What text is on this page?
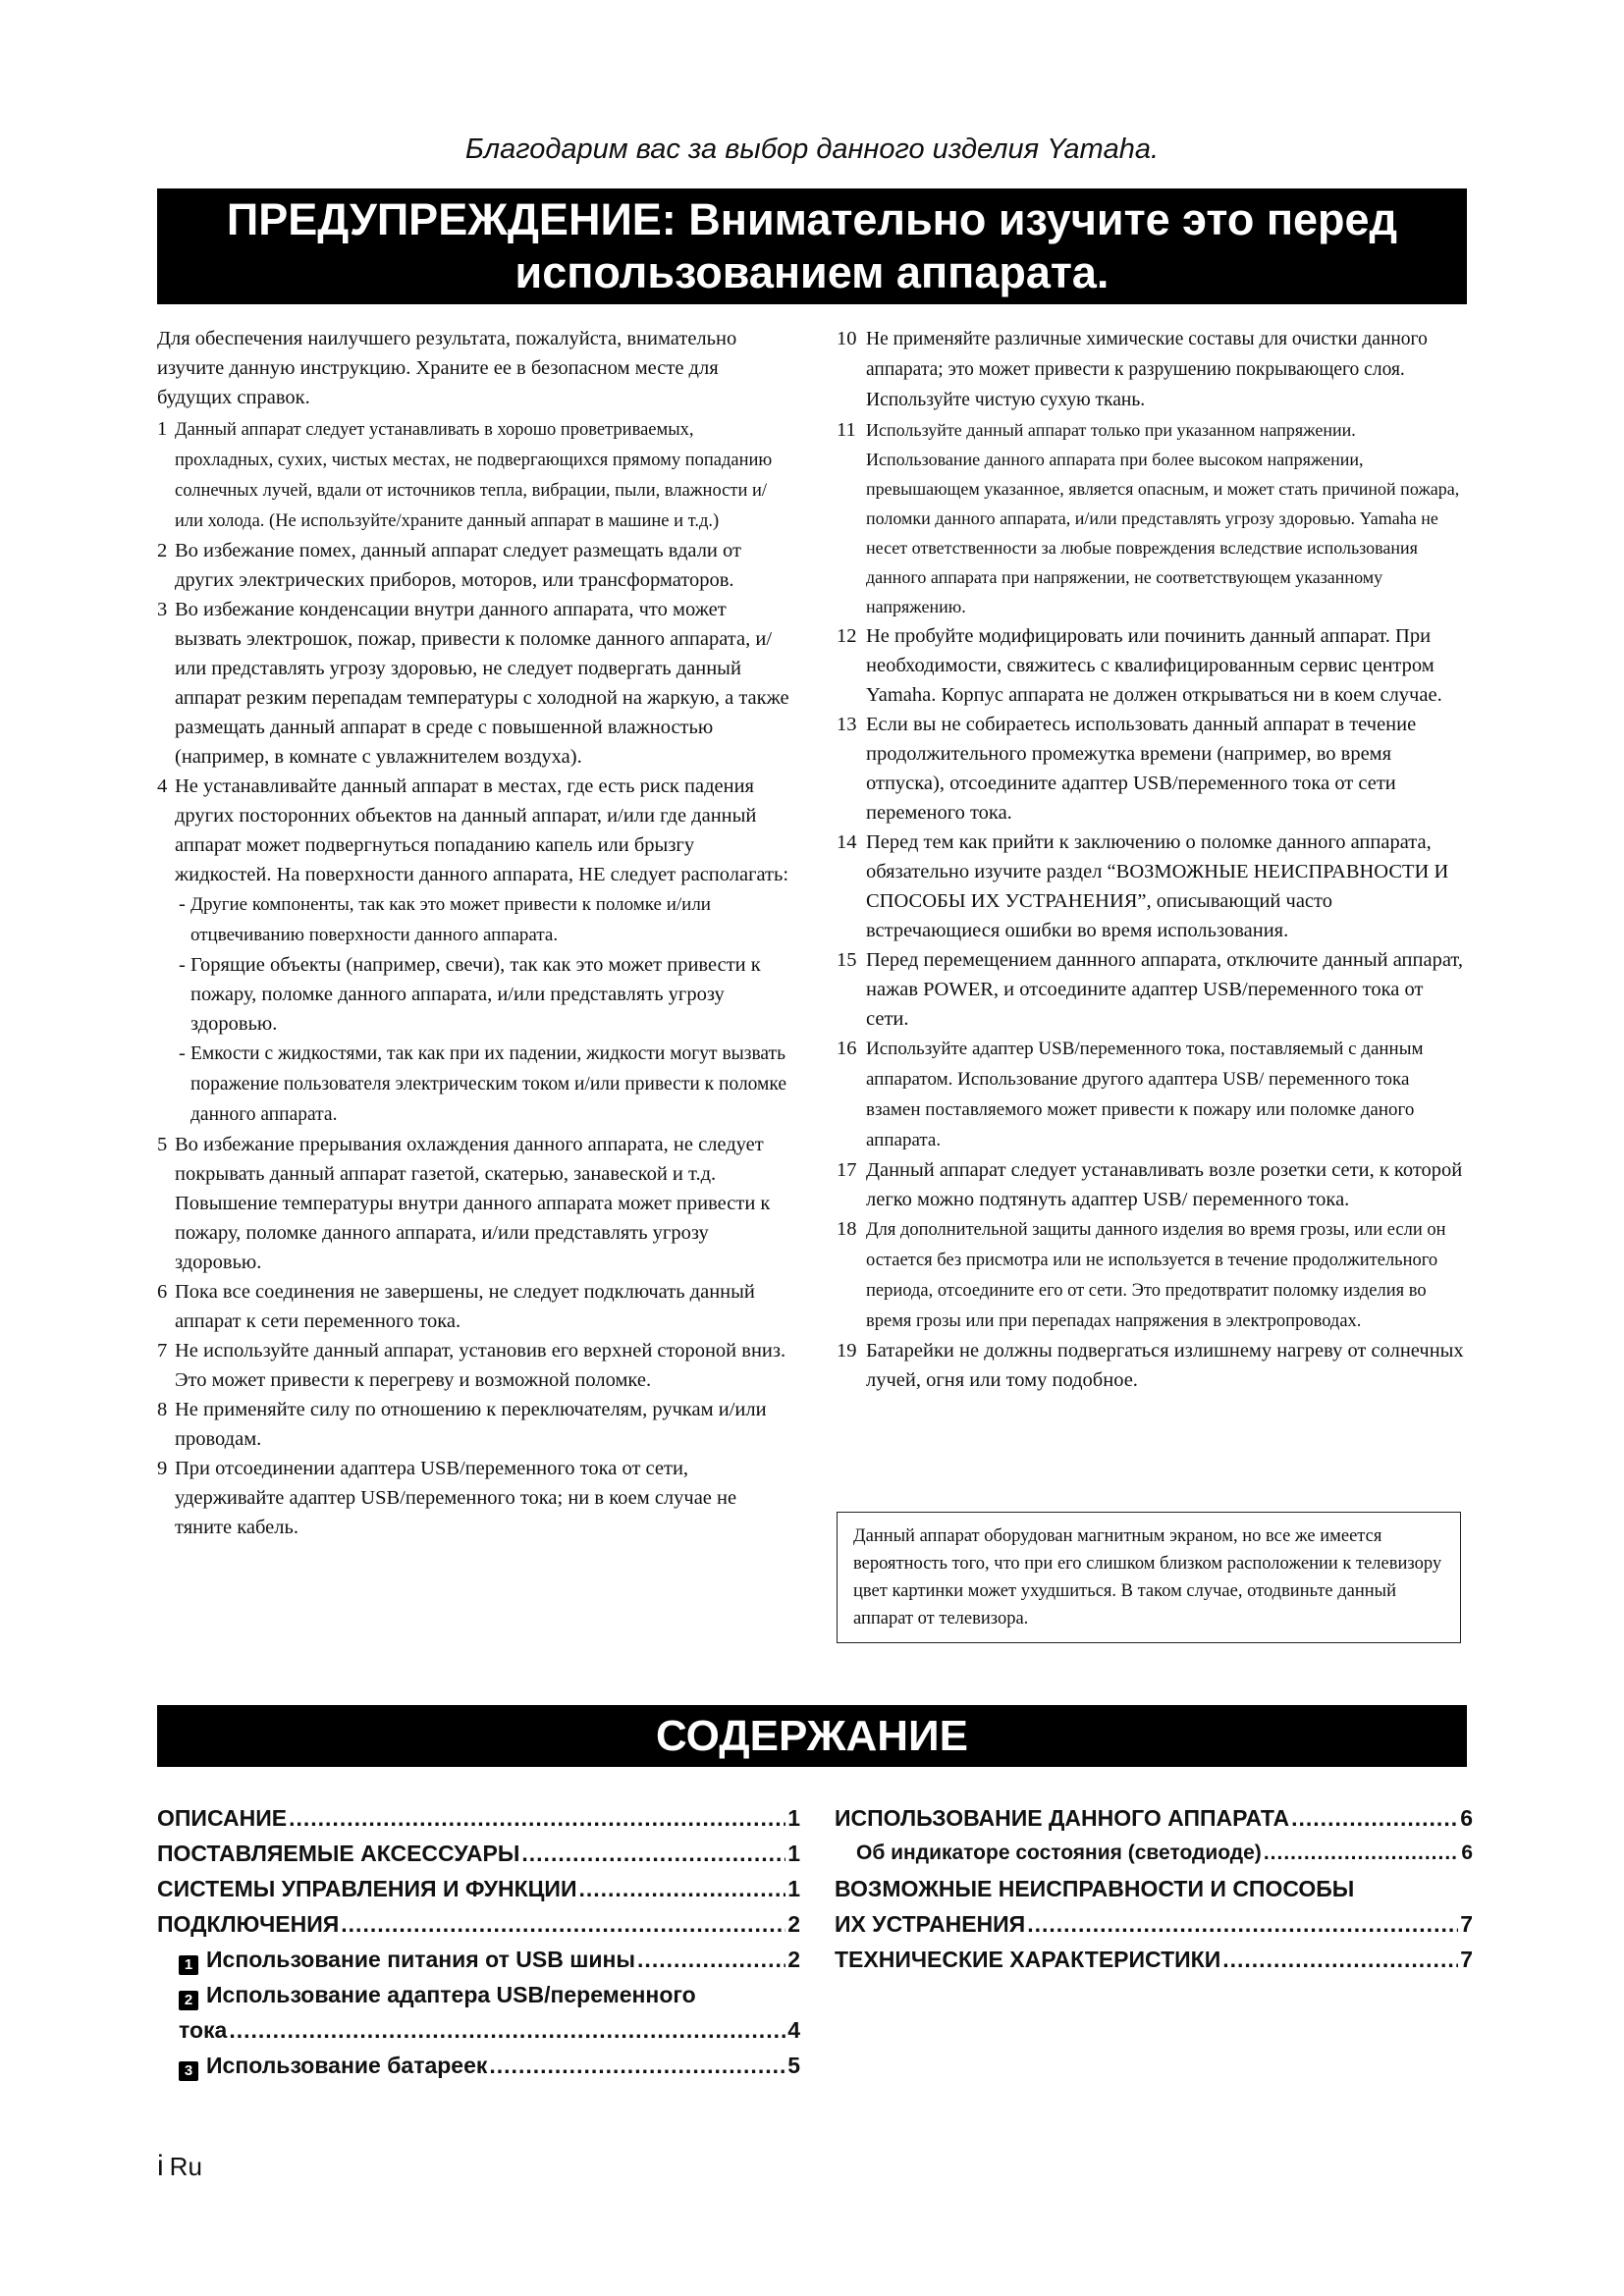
Благодарим вас за выбор данного изделия Yamaha.
ПРЕДУПРЕЖДЕНИЕ: Внимательно изучите это перед
использованием аппарата.

Для обеспечения наилучшего результата, пожалуйста, внимательно изучите данную инструкцию. Храните ее в безопасном месте для будущих справок.

1 Данный аппарат следует устанавливать в хорошо проветриваемых, прохладных, сухих, чистых местах, не подвергающихся прямому попаданию солнечных лучей, вдали от источников тепла, вибрации, пыли, влажности и/или холода. (Не используйте/храните данный аппарат в машине и т.д.)

2 Во избежание помех, данный аппарат следует размещать вдали от других электрических приборов, моторов, или трансформаторов.

3 Во избежание конденсации внутри данного аппарата, что может вызвать электрошок, пожар, привести к поломке данного аппарата, и/или представлять угрозу здоровью, не следует подвергать данный аппарат резким перепадам температуры с холодной на жаркую, а также размещать данный аппарат в среде с повышенной влажностью (например, в комнате с увлажнителем воздуха).

4 Не устанавливайте данный аппарат в местах, где есть риск падения других посторонних объектов на данный аппарат, и/или где данный аппарат может подвергнуться попаданию капель или брызгу жидкостей. На поверхности данного аппарата, НЕ следует располагать:

- Другие компоненты, так как это может привести к поломке и/или отцвечиванию поверхности данного аппарата.

- Горящие объекты (например, свечи), так как это может привести к пожару, поломке данного аппарата, и/или представлять угрозу здоровью.

- Емкости с жидкостями, так как при их падении, жидкости могут вызвать поражение пользователя электрическим током и/или привести к поломке данного аппарата.

5 Во избежание прерывания охлаждения данного аппарата, не следует покрывать данный аппарат газетой, скатерью, занавеской и т.д. Повышение температуры внутри данного аппарата может привести к пожару, поломке данного аппарата, и/или представлять угрозу здоровью.

6 Пока все соединения не завершены, не следует подключать данный аппарат к сети переменного тока.

7 Не используйте данный аппарат, установив его верхней стороной вниз. Это может привести к перегреву и возможной поломке.

8 Не применяйте силу по отношению к переключателям, ручкам и/или проводам.

9 При отсоединении адаптера USB/переменного тока от сети, удерживайте адаптер USB/переменного тока; ни в коем случае не тяните кабель.

10 Не применяйте различные химические составы для очистки данного аппарата; это может привести к разрушению покрывающего слоя. Используйте чистую сухую ткань.

11 Используйте данный аппарат только при указанном напряжении. Использование данного аппарата при более высоком напряжении, превышающем указанное, является опасным, и может стать причиной пожара, поломки данного аппарата, и/или представлять угрозу здоровью. Yamaha не несет ответственности за любые повреждения вследствие использования данного аппарата при напряжении, не соответствующем указанному напряжению.

12 Не пробуйте модифицировать или починить данный аппарат. При необходимости, свяжитесь с квалифицированным сервис центром Yamaha. Корпус аппарата не должен открываться ни в коем случае.

13 Если вы не собираетесь использовать данный аппарат в течение продолжительного промежутка времени (например, во время отпуска), отсоедините адаптер USB/переменного тока от сети переменого тока.

14 Перед тем как прийти к заключению о поломке данного аппарата, обязательно изучите раздел “ВОЗМОЖНЫЕ НЕИСПРАВНОСТИ И СПОСОБЫ ИХ УСТРАНЕНИЯ”, описывающий часто встречающиеся ошибки во время использования.

15 Перед перемещением даннного аппарата, отключите данный аппарат, нажав POWER, и отсоедините адаптер USB/переменного тока от сети.

16 Используйте адаптер USB/переменного тока, поставляемый с данным аппаратом. Использование другого адаптера USB/ переменного тока взамен поставляемого может привести к пожару или поломке даного аппарата.

17 Данный аппарат следует устанавливать возле розетки сети, к которой легко можно подтянуть адаптер USB/ переменного тока.

18 Для дополнительной защиты данного изделия во время грозы, или если он остается без присмотра или не используется в течение продолжительного периода, отсоедините его от сети. Это предотвратит поломку изделия во время грозы или при перепадах напряжения в электропроводах.

19 Батарейки не должны подвергаться излишнему нагреву от солнечных лучей, огня или тому подобное.

Данный аппарат оборудован магнитным экраном, но все же имеется вероятность того, что при его слишком близком расположении к телевизору цвет картинки может ухудшиться. В таком случае, отодвиньте данный аппарат от телевизора.
СОДЕРЖАНИЕ
ОПИСАНИЕ .....	1
ПОСТАВЛЯЕМЫЕ АКСЕССУАРЫ .....	1
СИСТЕМЫ УПРАВЛЕНИЯ И ФУНКЦИИ .....	1
ПОДКЛЮЧЕНИЯ .....	2
1 Использование питания от USB шины .....	2
2 Использование адаптера USB/переменного
тока .....	4
3 Использование батареек .....	5
ИСПОЛЬЗОВАНИЕ ДАННОГО АППАРАТА .....	6
Об индикаторе состояния (светодиоде) .....	6
ВОЗМОЖНЫЕ НЕИСПРАВНОСТИ И СПОСОБЫ
ИХ УСТРАНЕНИЯ .....	7
ТЕХНИЧЕСКИЕ ХАРАКТЕРИСТИКИ .....	7
i Ru
